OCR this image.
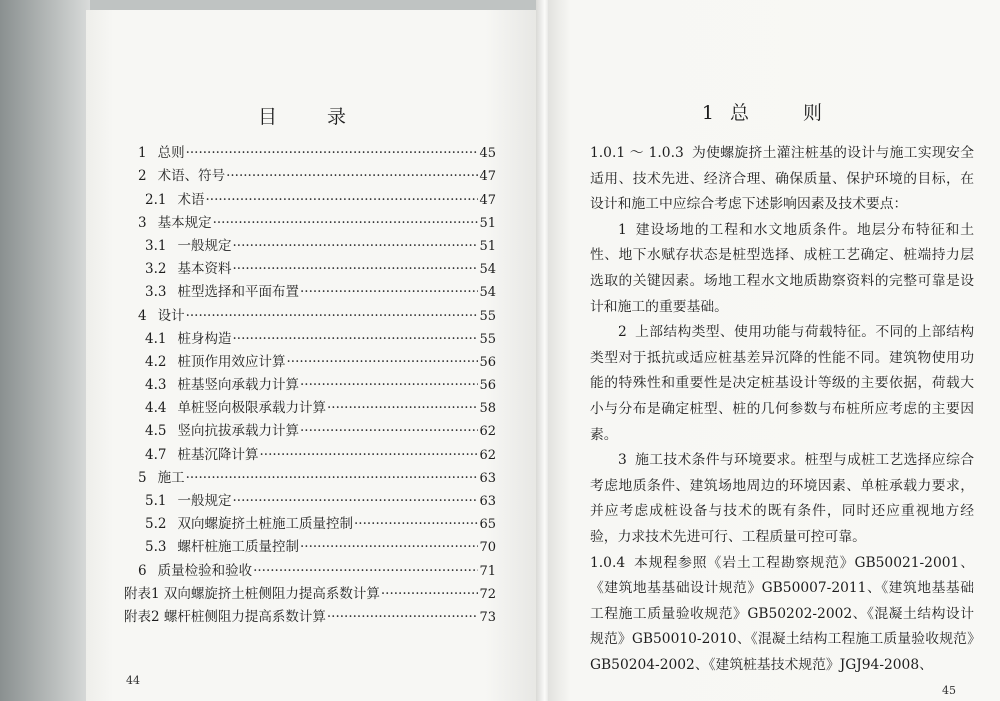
目 录
1 总则 ·····	45
2 术语、符号 ·····	47
2.1 术语 ·····	47
3 基本规定 ·····	51
3.1 一般规定 ·····	51
3.2 基本资料 ·····	54
3.3 桩型选择和平面布置 ·····	54
4 设计 ·····	55
4.1 桩身构造 ·····	55
4.2 桩顶作用效应计算 ·····	56
4.3 桩基竖向承载力计算 ·····	56
4.4 单桩竖向极限承载力计算 ·····	58
4.5 竖向抗拔承载力计算 ·····	62
4.7 桩基沉降计算 ·····	62
5 施工 ·····	63
5.1 一般规定 ·····	63
5.2 双向螺旋挤土桩施工质量控制 ·····	65
5.3 螺杆桩施工质量控制 ·····	70
6 质量检验和验收 ·····	71
附表1 双向螺旋挤土桩侧阻力提高系数计算 ·····	72
附表2 螺杆桩侧阻力提高系数计算 ·····	73
44
1 总 则

1.0.1 ～ 1.0.3 为使螺旋挤土灌注桩基的设计与施工实现安全适用、技术先进、经济合理、确保质量、保护环境的目标，在设计和施工中应综合考虑下述影响因素及技术要点：

1 建设场地的工程和水文地质条件。地层分布特征和土性、地下水赋存状态是桩型选择、成桩工艺确定、桩端持力层选取的关键因素。场地工程水文地质勘察资料的完整可靠是设计和施工的重要基础。

2 上部结构类型、使用功能与荷载特征。不同的上部结构类型对于抵抗或适应桩基差异沉降的性能不同。建筑物使用功能的特殊性和重要性是决定桩基设计等级的主要依据，荷载大小与分布是确定桩型、桩的几何参数与布桩所应考虑的主要因素。

3 施工技术条件与环境要求。桩型与成桩工艺选择应综合考虑地质条件、建筑场地周边的环境因素、单桩承载力要求，并应考虑成桩设备与技术的既有条件，同时还应重视地方经验，力求技术先进可行、工程质量可控可靠。

1.0.4 本规程参照《岩土工程勘察规范》GB50021-2001、《建筑地基基础设计规范》GB50007-2011、《建筑地基基础工程施工质量验收规范》GB50202-2002、《混凝土结构设计规范》GB50010-2010、《混凝土结构工程施工质量验收规范》GB50204-2002、《建筑桩基技术规范》JGJ94-2008、

45
